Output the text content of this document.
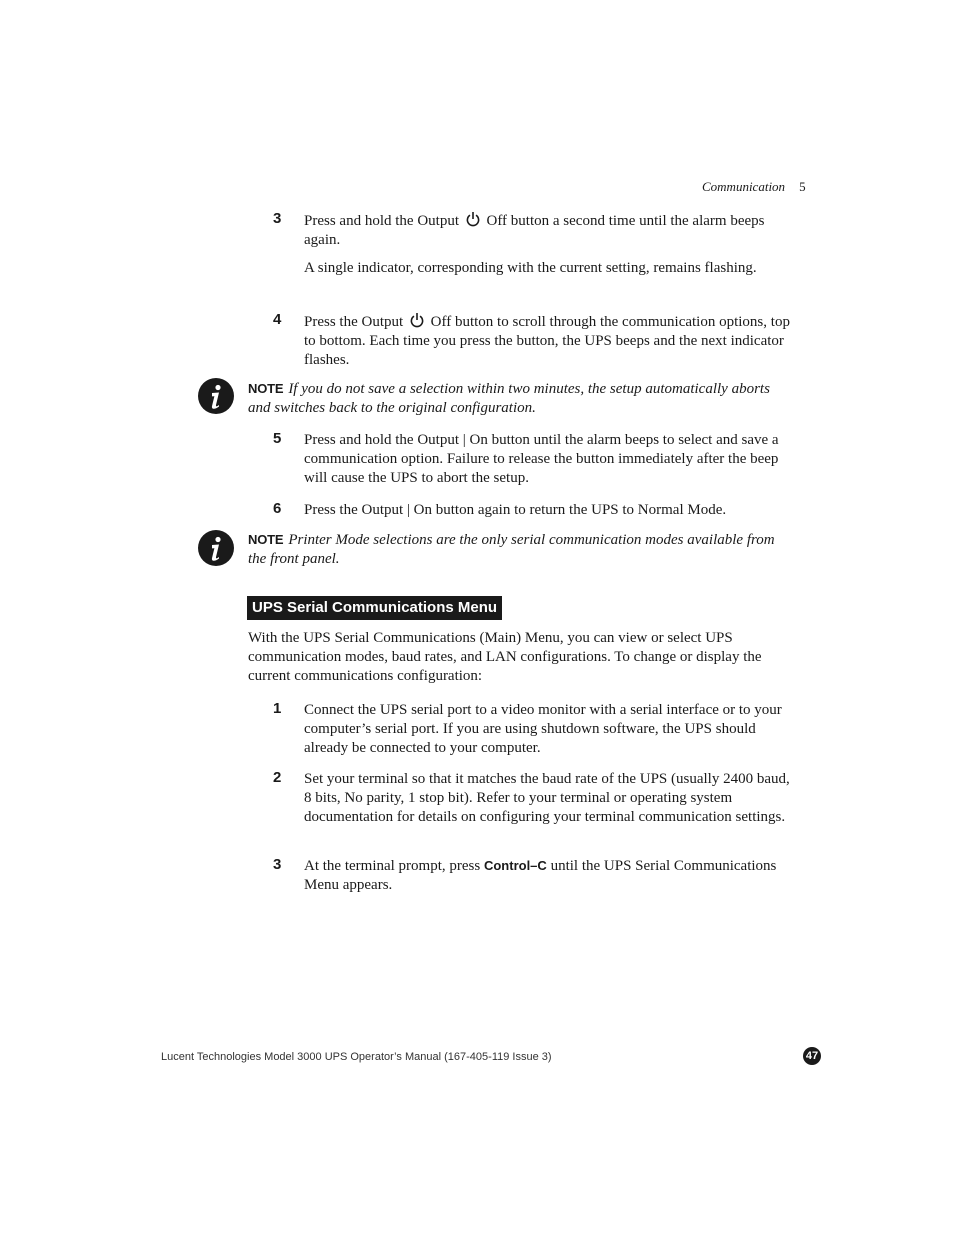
Communication 5
3 Press and hold the Output  Off button a second time until the alarm beeps again.
A single indicator, corresponding with the current setting, remains flashing.
4 Press the Output  Off button to scroll through the communication options, top to bottom. Each time you press the button, the UPS beeps and the next indicator flashes.
NOTE If you do not save a selection within two minutes, the setup automatically aborts and switches back to the original configuration.
5 Press and hold the Output | On button until the alarm beeps to select and save a communication option. Failure to release the button immediately after the beep will cause the UPS to abort the setup.
6 Press the Output | On button again to return the UPS to Normal Mode.
NOTE Printer Mode selections are the only serial communication modes available from the front panel.
UPS Serial Communications Menu
With the UPS Serial Communications (Main) Menu, you can view or select UPS communication modes, baud rates, and LAN configurations. To change or display the current communications configuration:
1 Connect the UPS serial port to a video monitor with a serial interface or to your computer’s serial port. If you are using shutdown software, the UPS should already be connected to your computer.
2 Set your terminal so that it matches the baud rate of the UPS (usually 2400 baud, 8 bits, No parity, 1 stop bit). Refer to your terminal or operating system documentation for details on configuring your terminal communication settings.
3 At the terminal prompt, press Control–C until the UPS Serial Communications Menu appears.
Lucent Technologies Model 3000 UPS Operator’s Manual (167-405-119 Issue 3)	47
